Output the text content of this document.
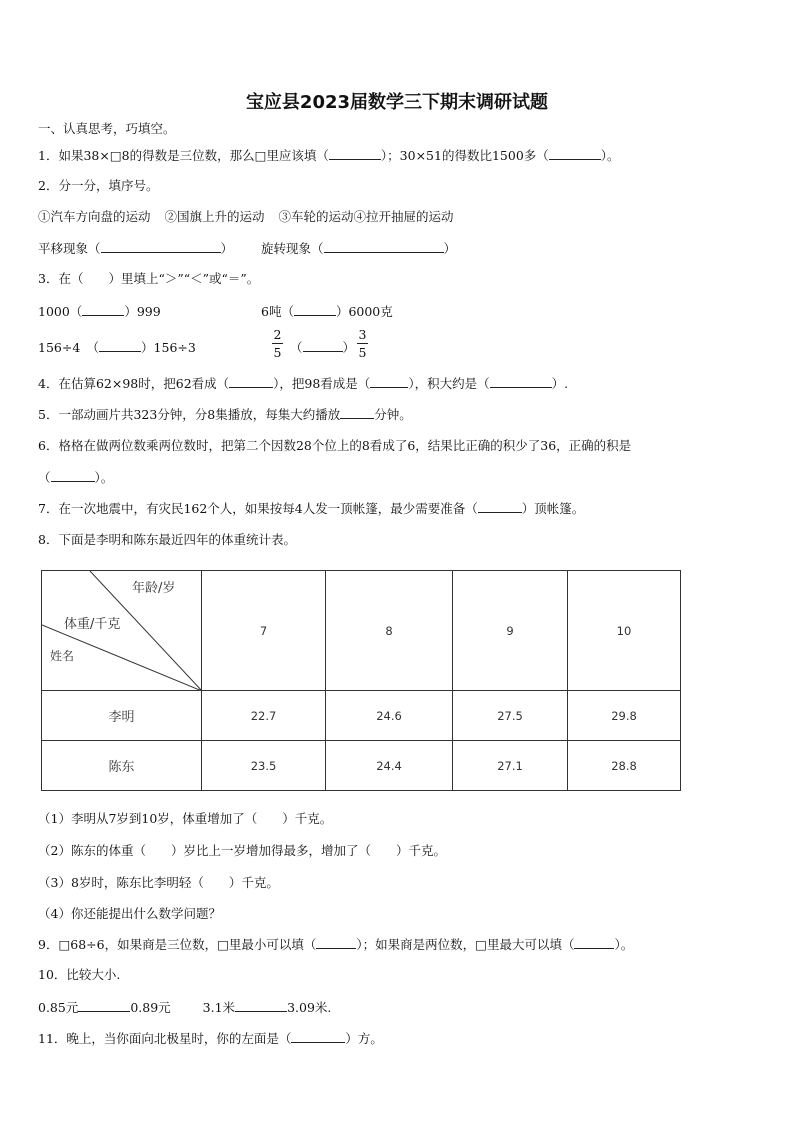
宝应县2023届数学三下期末调研试题
一、认真思考，巧填空。
1．如果38×□8的得数是三位数，那么□里应该填（	）；30×51的得数比1500多（	）。
2．分一分，填序号。
①汽车方向盘的运动 ②国旗上升的运动 ③车轮的运动④拉开抽屉的运动
平移现象（	） 旋转现象（	）
3．在（　　）里填上“＞”“＜”或“＝”。
1000（	）999	6吨（	）6000克
156÷4　（	）156÷3
2
5 （	）
3
5
4．在估算62×98时，把62看成（	），把98看成是（	），积大约是（	）.
5．一部动画片共323分钟，分8集播放，每集大约播放	分钟。
6．格格在做两位数乘两位数时，把第二个因数28个位上的8看成了6，结果比正确的积少了36，正确的积是
（	）。
7．在一次地震中，有灾民162个人，如果按每4人发一顶帐篷，最少需要准备（	）顶帐篷。
8．下面是李明和陈东最近四年的体重统计表。
年龄/岁
体重/千克
姓名	7	8	9	10
李明	22.7	24.6	27.5	29.8
陈东	23.5	24.4	27.1	28.8
（1）李明从7岁到10岁，体重增加了（　　）千克。
（2）陈东的体重（　　）岁比上一岁增加得最多，增加了（　　）千克。
（3）8岁时，陈东比李明轻（　　）千克。
（4）你还能提出什么数学问题？
9．□68÷6，如果商是三位数，□里最小可以填（	）；如果商是两位数，□里最大可以填（	）。
10．比较大小.
0.85元	0.89元	3.1米	3.09米.
11．晚上，当你面向北极星时，你的左面是（	）方。
